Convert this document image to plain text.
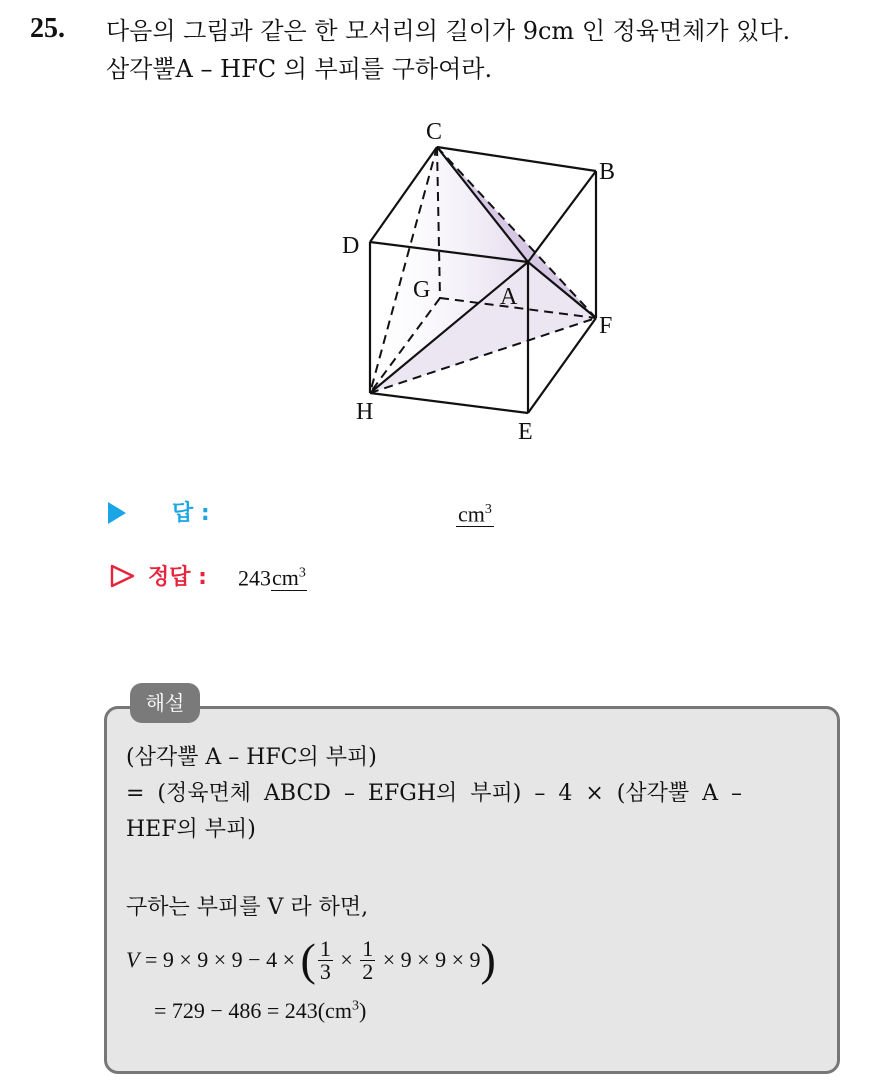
25. 다음의 그림과 같은 한 모서리의 길이가 9cm 인 정육면체가 있다.
삼각뿔A – HFC 의 부피를 구하여라.
C
B
D
G	A
F
H
E
답 :	$cm^3$
정답 : $243cm^3$
해설
(삼각뿔 A – HFC의 부피)
= (정육면체 ABCD – EFGH의 부피) – 4 × (삼각뿔 A –
HEF의 부피)
구하는 부피를 V 라 하면,
V
= 9 × 9 × 9 − 4 ×
( $\frac{1}{3}$
×
$\frac{1}{2}$
× 9 × 9 × 9 )
= $729 - 486 = 243(cm^3)$
